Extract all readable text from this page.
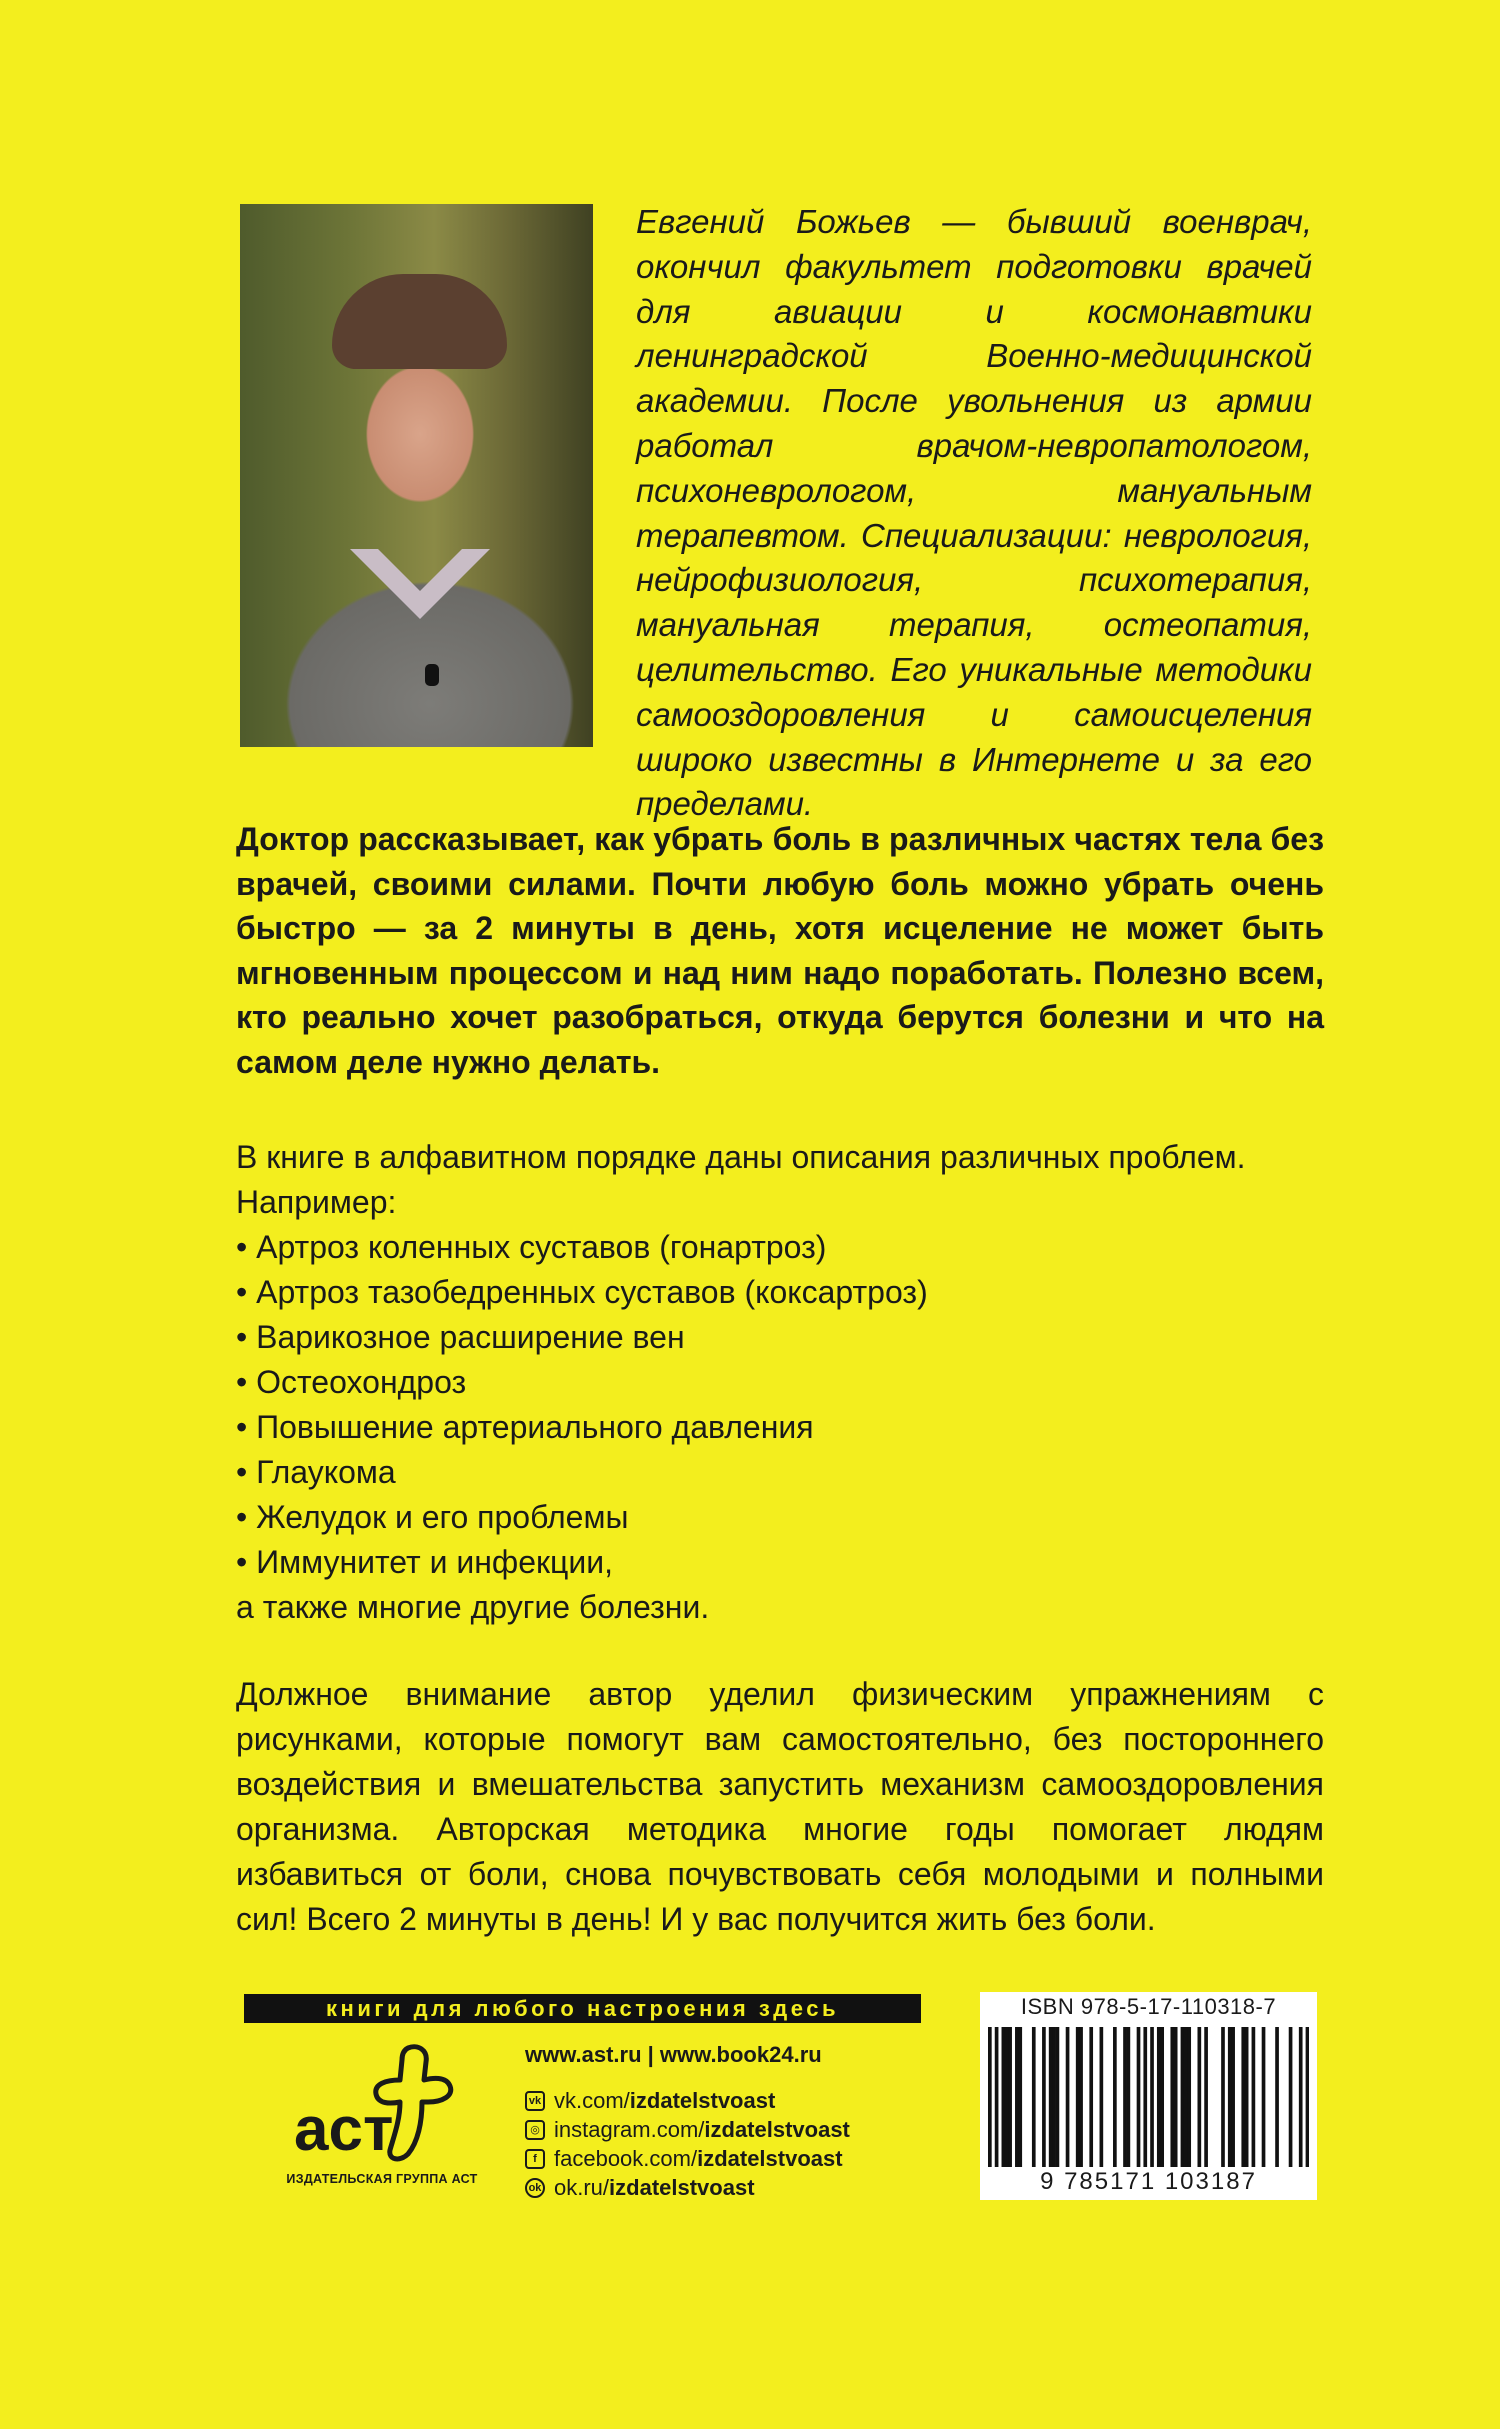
Евгений Божьев — бывший военврач, окончил факультет подготовки врачей для авиации и космонавтики ленинградской Военно-медицинской академии. После увольнения из армии работал врачом-невропатологом, психоневрологом, мануальным терапевтом. Специализации: неврология, нейрофизиология, психотерапия, мануальная терапия, остеопатия, целительство. Его уникальные методики самооздоровления и самоисцеления широко известны в Интернете и за его пределами.

Доктор рассказывает, как убрать боль в различных частях тела без врачей, своими силами. Почти любую боль можно убрать очень быстро — за 2 минуты в день, хотя исцеление не может быть мгновенным процессом и над ним надо поработать. Полезно всем, кто реально хочет разобраться, откуда берутся болезни и что на самом деле нужно делать.

В книге в алфавитном порядке даны описания различных проблем.
Например:
• Артроз коленных суставов (гонартроз)
• Артроз тазобедренных суставов (коксартроз)
• Варикозное расширение вен
• Остеохондроз
• Повышение артериального давления
• Глаукома
• Желудок и его проблемы
• Иммунитет и инфекции,
а также многие другие болезни.

Должное внимание автор уделил физическим упражнениям с рисунками, которые помогут вам самостоятельно, без постороннего воздействия и вмешательства запустить механизм самооздоровления организма. Авторская методика многие годы помогает людям избавиться от боли, снова почувствовать себя молодыми и полными сил! Всего 2 минуты в день! И у вас получится жить без боли.

книги для любого настроения здесь
аст
ИЗДАТЕЛЬСКАЯ ГРУППА АСТ
www.ast.ru | www.book24.ru
vk vk.com/ izdatelstvoast
◎ instagram.com/ izdatelstvoast
f facebook.com/ izdatelstvoast
ok ok.ru/ izdatelstvoast
ISBN 978-5-17-110318-7
9 785171 103187
